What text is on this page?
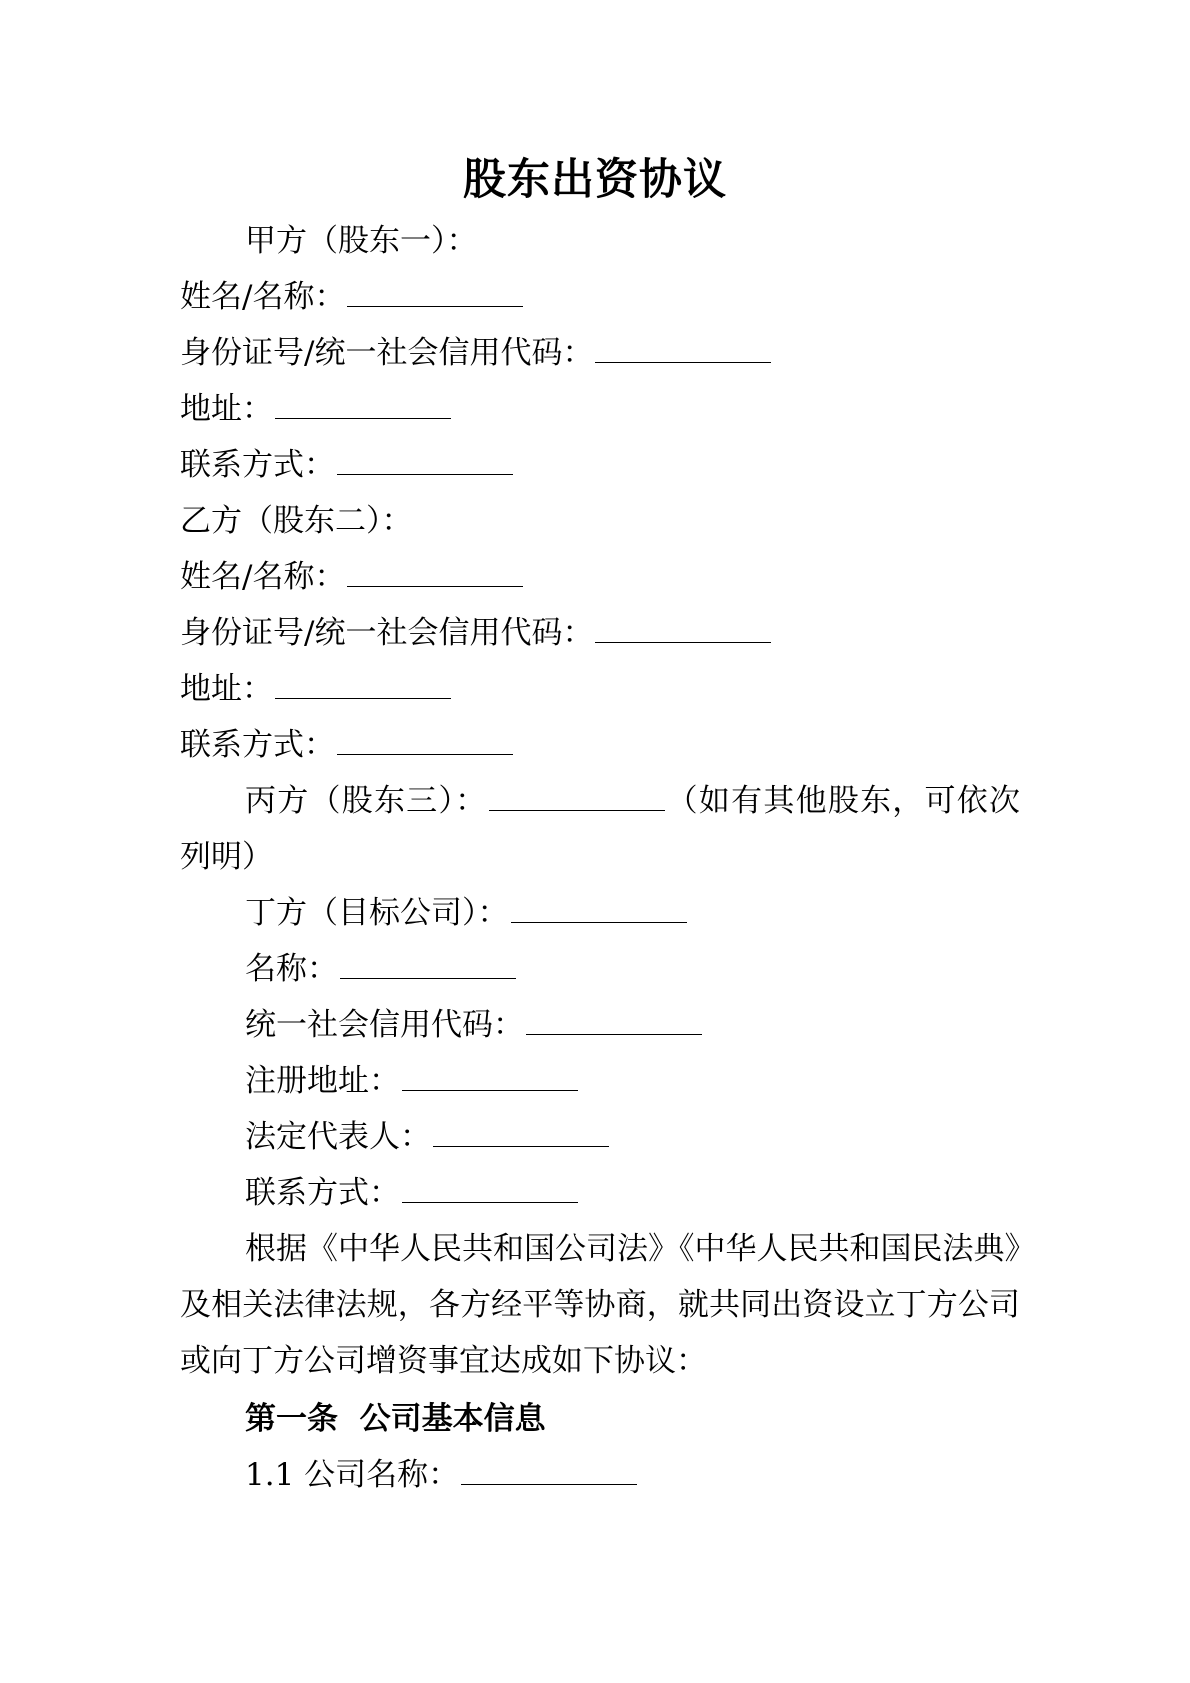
股东出资协议
甲方（股东一）：
姓名/名称：
身份证号/统一社会信用代码：
地址：
联系方式：
乙方（股东二）：
姓名/名称：
身份证号/统一社会信用代码：
地址：
联系方式：
丙方（股东三）：	（如有其他股东，可依次列明）
丁方（目标公司）：
名称：
统一社会信用代码：
注册地址：
法定代表人：
联系方式：
根据《中华人民共和国公司法》《中华人民共和国民法典》及相关法律法规，各方经平等协商，就共同出资设立丁方公司或向丁方公司增资事宜达成如下协议：
第一条  公司基本信息
1.1 公司名称：
